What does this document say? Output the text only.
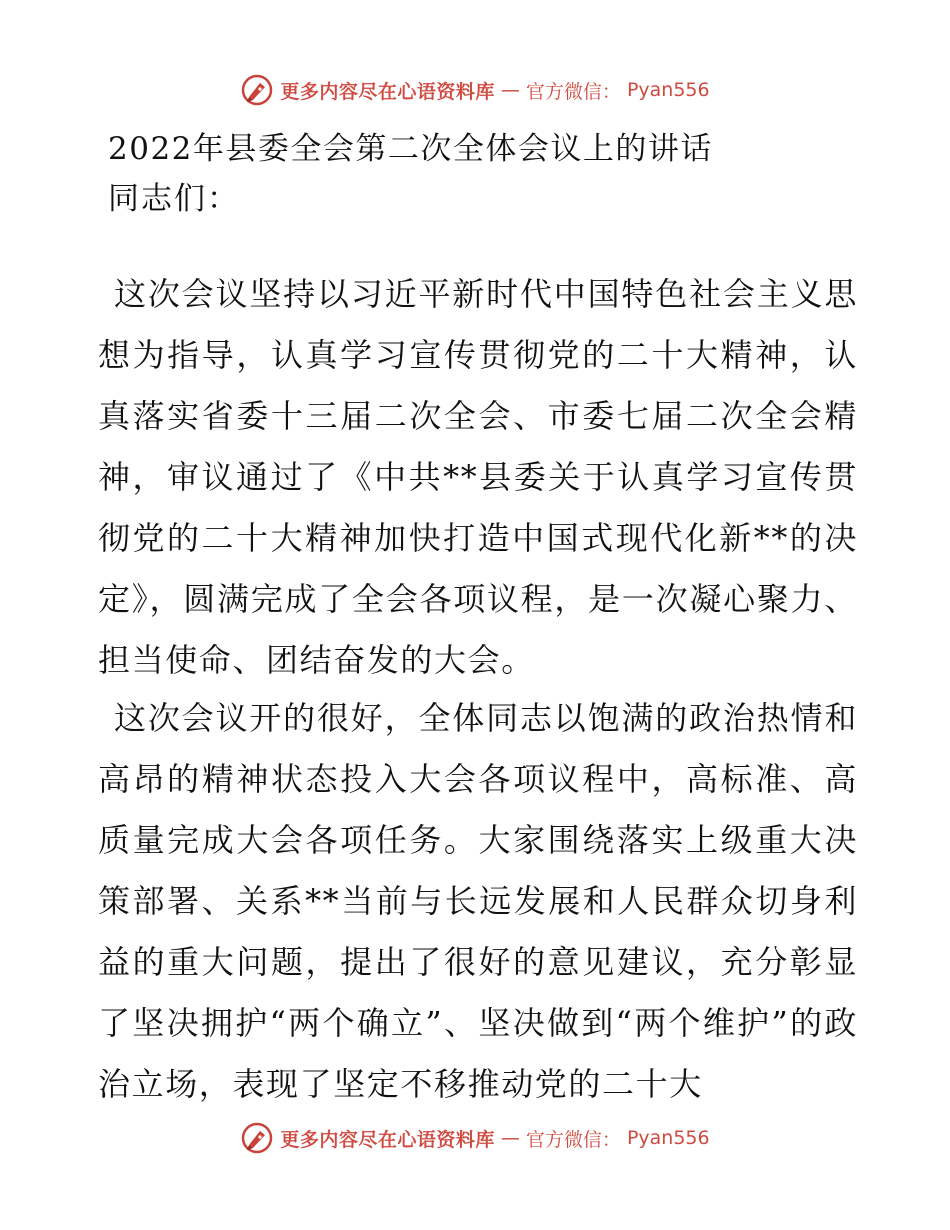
更多内容尽在心语资料库 — 官方微信： Pyan556
2022年县委全会第二次全体会议上的讲话

同志们：

这次会议坚持以习近平新时代中国特色社会主义思想为指导，认真学习宣传贯彻党的二十大精神，认真落实省委十三届二次全会、市委七届二次全会精神，审议通过了《中共**县委关于认真学习宣传贯彻党的二十大精神加快打造中国式现代化新**的决定》，圆满完成了全会各项议程，是一次凝心聚力、担当使命、团结奋发的大会。

这次会议开的很好，全体同志以饱满的政治热情和高昂的精神状态投入大会各项议程中，高标准、高质量完成大会各项任务。大家围绕落实上级重大决策部署、关系**当前与长远发展和人民群众切身利益的重大问题，提出了很好的意见建议，充分彰显了坚决拥护“两个确立”、坚决做到“两个维护”的政治立场，表现了坚定不移推动党的二十大

更多内容尽在心语资料库 — 官方微信： Pyan556
